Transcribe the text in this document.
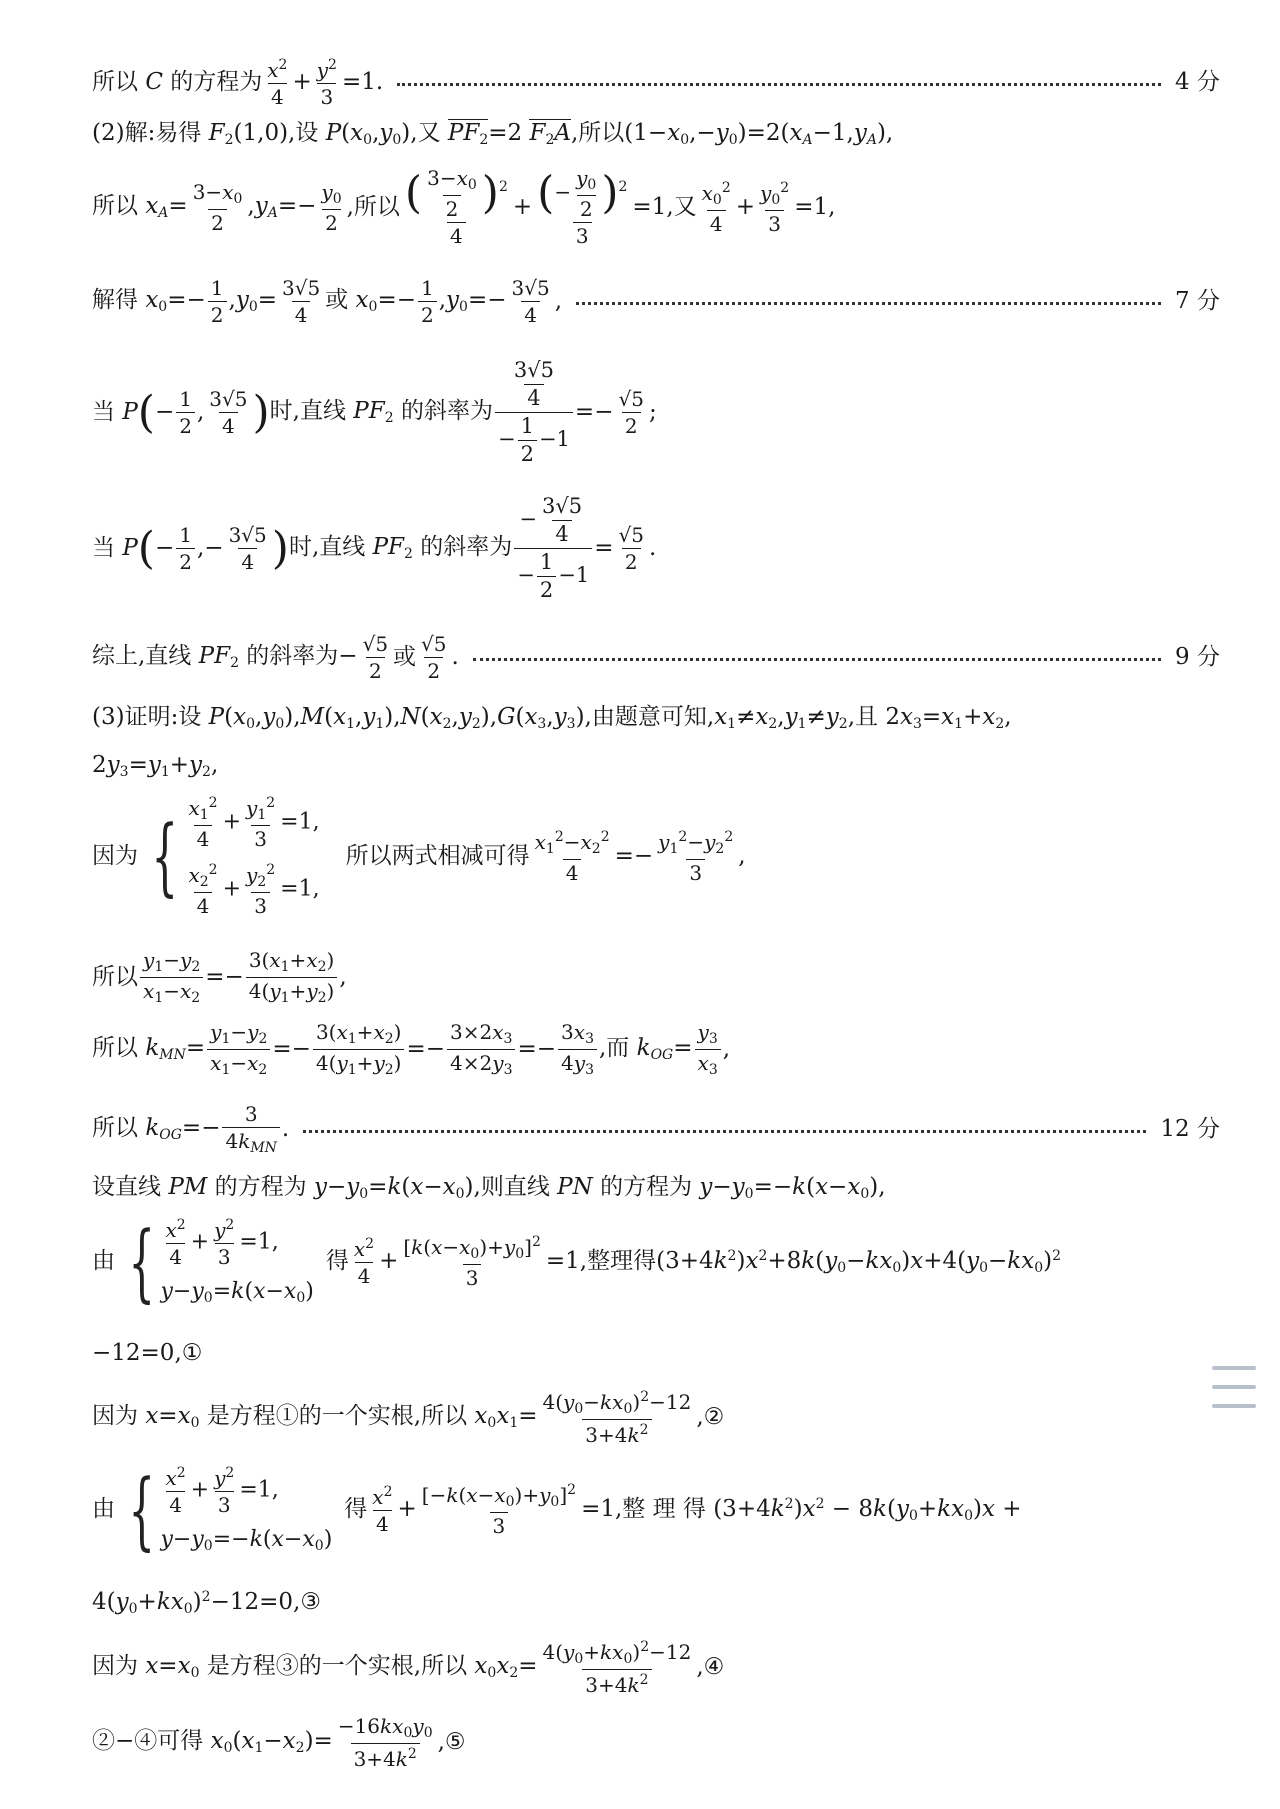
所以 C 的方程为 $\frac{x^2}{4} + \frac{y^2}{3} =1$.	4 分
(2)解:易得 $F_2(1,0)$,设 $P(x_0,y_0)$,又 $PF_2=2$ $F_2A$,所以$(1-x_0,-y_0)=2(x_A-1,y_A)$,
所以 $x_A= \frac{3-x_0}{2} ,y_A=- \frac{y_0}{2}$ ,所以 $\frac{( \frac{3-x_0}{2} )^2}{4} + \frac{(- \frac{y_0}{2} )^2}{3} =1$,又 $\frac{x_0^2}{4} + \frac{y_0^2}{3} =1$,
解得 $x_0=- \frac{1}{2} ,y_0= \frac{3√5}{4}$ 或 $x_0=- \frac{1}{2} ,y_0=- \frac{3√5}{4}$ ,	7 分
当 P ( − $\frac{1}{2}$ , $\frac{3√5}{4}$ ) 时,直线 $PF_2$ 的斜率为 $\frac{\frac{3√5}{4}}{- \frac{1}{2} -1} =- \frac{√5}{2}$ ;
当 P ( − $\frac{1}{2}$ ,− $\frac{3√5}{4}$ ) 时,直线 $PF_2$ 的斜率为 $\frac{- \frac{3√5}{4}}{- \frac{1}{2} -1} = \frac{√5}{2}$ .
综上,直线 $PF_2$ 的斜率为− $\frac{√5}{2}$ 或 $\frac{√5}{2}$ .	9 分
(3)证明:设 $P(x_0,y_0),M(x_1,y_1),N(x_2,y_2),G(x_3,y_3)$,由题意可知$,x_1\ne x_2,y_1\ne y_2$,且 $2x_3=x_1+x_2$,
$2y_3=y_1+y_2$,
因为 { $\frac{x_1^2}{4} + \frac{y_1^2}{3} =1$,
$\frac{x_2^2}{4} + \frac{y_2^2}{3} =1$,
所以两式相减可得 $\frac{x_1^2-x_2^2}{4} =- \frac{y_1^2-y_2^2}{3}$ ,
所以 $\frac{y_1-y_2}{x_1-x_2} =- \frac{3(x_1+x_2)}{4(y_1+y_2)}$ ,
所以 $k_{MN}= \frac{y_1-y_2}{x_1-x_2} =- \frac{3(x_1+x_2)}{4(y_1+y_2)} =- \frac{3\times 2x_3}{4\times 2y_3} =- \frac{3x_3}{4y_3}$ ,而 $k_{OG}= \frac{y_3}{x_3}$ ,
所以 $k_{OG}=- \frac{3}{4k_{MN}}$ .	12 分
设直线 PM 的方程为 $y-y_0=k(x-x_0)$,则直线 PN 的方程为 $y-y_0=-k(x-x_0)$,
由 { $\frac{x^2}{4} + \frac{y^2}{3} =1$,
$y-y_0=k(x-x_0)$
得 $\frac{x^2}{4} + \frac{[k(x-x_0)+y_0]^2}{3} =1$,整理得$(3+4k^2)x^2+8k(y_0-kx_0)x+4(y_0-kx_0)^2$
−12=0,①
因为 $x=x_0$ 是方程①的一个实根,所以 $x_0x_1= \frac{4(y_0-kx_0)^2-12}{3+4k^2}$ ,②
由 { $\frac{x^2}{4} + \frac{y^2}{3} =1$,
$y-y_0=-k(x-x_0)$
得 $\frac{x^2}{4} + \frac{[-k(x-x_0)+y_0]^2}{3} =1$,整 理 得 $(3+4k^2)x^2 - 8k(y_0+kx_0)x$ +
$4(y_0+kx_0)^2-12=0,③$
因为 $x=x_0$ 是方程③的一个实根,所以 $x_0x_2= \frac{4(y_0+kx_0)^2-12}{3+4k^2}$ ,④
②−④可得 $x_0(x_1-x_2)= \frac{-16kx_0y_0}{3+4k^2}$ ,⑤
